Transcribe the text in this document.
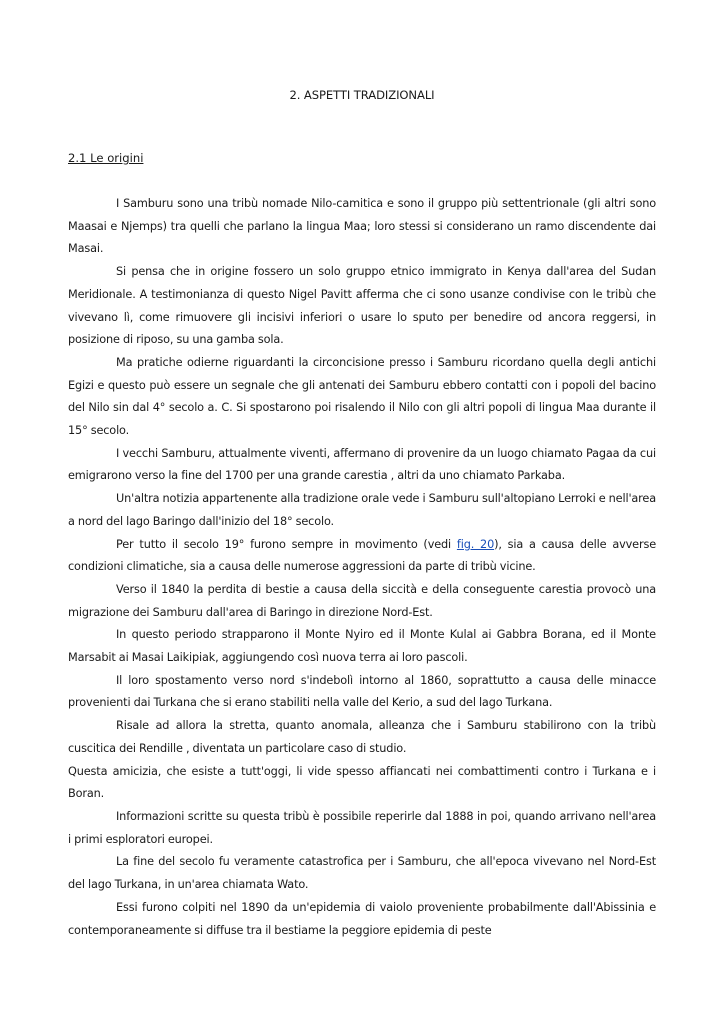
2. ASPETTI TRADIZIONALI
2.1 Le origini

I Samburu sono una tribù nomade Nilo-camitica e sono il gruppo più settentrionale (gli altri sono Maasai e Njemps) tra quelli che parlano la lingua Maa; loro stessi si considerano un ramo discendente dai Masai.

Si pensa che in origine fossero un solo gruppo etnico immigrato in Kenya dall'area del Sudan Meridionale. A testimonianza di questo Nigel Pavitt afferma che ci sono usanze condivise con le tribù che vivevano lì, come rimuovere gli incisivi inferiori o usare lo sputo per benedire od ancora reggersi, in posizione di riposo, su una gamba sola.

Ma pratiche odierne riguardanti la circoncisione presso i Samburu ricordano quella degli antichi Egizi e questo può essere un segnale che gli antenati dei Samburu ebbero contatti con i popoli del bacino del Nilo sin dal 4° secolo a. C. Si spostarono poi risalendo il Nilo con gli altri popoli di lingua Maa durante il 15° secolo.

I vecchi Samburu, attualmente viventi, affermano di provenire da un luogo chiamato Pagaa da cui emigrarono verso la fine del 1700 per una grande carestia , altri da uno chiamato Parkaba.

Un'altra notizia appartenente alla tradizione orale vede i Samburu sull'altopiano Lerroki e nell'area a nord del lago Baringo dall'inizio del 18° secolo.

Per tutto il secolo 19° furono sempre in movimento (vedi fig. 20), sia a causa delle avverse condizioni climatiche, sia a causa delle numerose aggressioni da parte di tribù vicine.

Verso il 1840 la perdita di bestie a causa della siccità e della conseguente carestia provocò una migrazione dei Samburu dall'area di Baringo in direzione Nord-Est.

In questo periodo strapparono il Monte Nyiro ed il Monte Kulal ai Gabbra Borana, ed il Monte Marsabit ai Masai Laikipiak, aggiungendo così nuova terra ai loro pascoli.

Il loro spostamento verso nord s'indebolì intorno al 1860, soprattutto a causa delle minacce provenienti dai Turkana che si erano stabiliti nella valle del Kerio, a sud del lago Turkana.

Risale ad allora la stretta, quanto anomala, alleanza che i Samburu stabilirono con la tribù cuscitica dei Rendille , diventata un particolare caso di studio.

Questa amicizia, che esiste a tutt'oggi, li vide spesso affiancati nei combattimenti contro i Turkana e i Boran.

Informazioni scritte su questa tribù è possibile reperirle dal 1888 in poi, quando arrivano nell'area i primi esploratori europei.

La fine del secolo fu veramente catastrofica per i Samburu, che all'epoca vivevano nel Nord-Est del lago Turkana, in un'area chiamata Wato.

Essi furono colpiti nel 1890 da un'epidemia di vaiolo proveniente probabilmente dall'Abissinia e contemporaneamente si diffuse tra il bestiame la peggiore epidemia di peste
